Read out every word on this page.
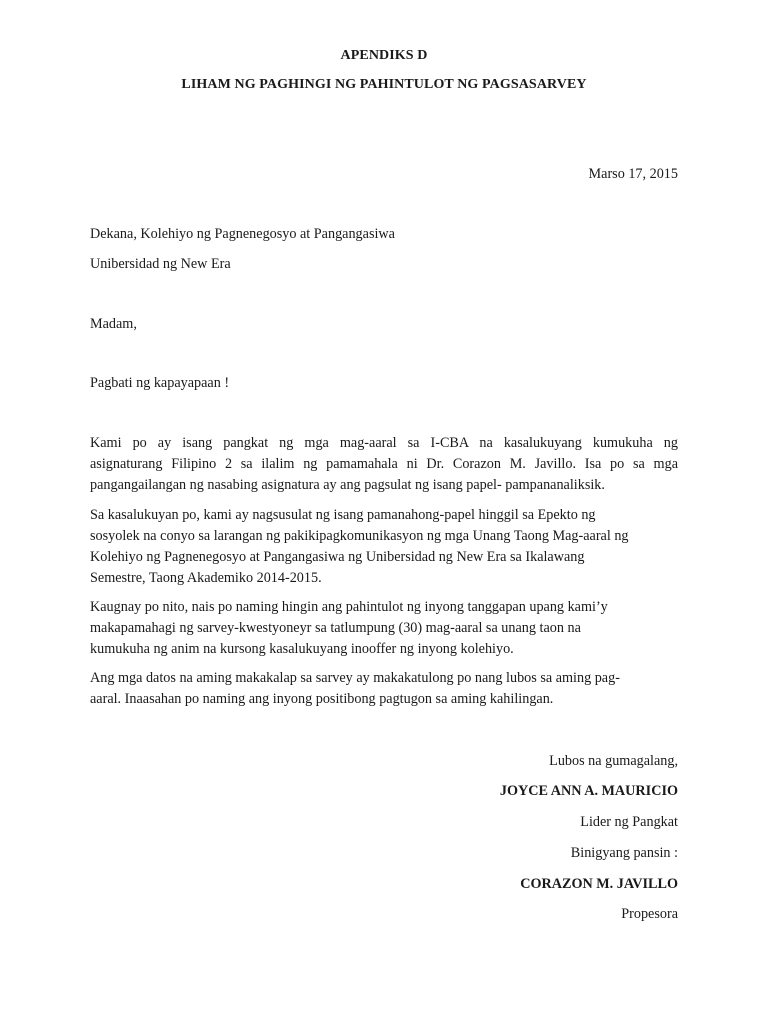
APENDIKS D
LIHAM NG PAGHINGI NG PAHINTULOT NG PAGSASARVEY
Marso 17, 2015
Dekana, Kolehiyo ng Pagnenegosyo at Pangangasiwa
Unibersidad ng New Era
Madam,
Pagbati ng kapayapaan !
Kami po ay isang pangkat ng mga mag-aaral sa I-CBA na kasalukuyang kumukuha ng
asignaturang Filipino 2 sa ilalim ng pamamahala ni Dr. Corazon M. Javillo. Isa po sa mga
pangangailangan ng nasabing asignatura ay ang pagsulat ng isang papel- pampananaliksik.
Sa kasalukuyan po, kami ay nagsusulat ng isang pamanahong-papel hinggil sa Epekto ng
sosyolek na conyo sa larangan ng pakikipagkomunikasyon ng mga Unang Taong Mag-aaral ng
Kolehiyo ng Pagnenegosyo at Pangangasiwa ng Unibersidad ng New Era sa Ikalawang
Semestre, Taong Akademiko 2014-2015.
Kaugnay po nito, nais po naming hingin ang pahintulot ng inyong tanggapan upang kami’y
makapamahagi ng sarvey-kwestyoneyr sa tatlumpung (30) mag-aaral sa unang taon na
kumukuha ng anim na kursong kasalukuyang inooffer ng inyong kolehiyo.
Ang mga datos na aming makakalap sa sarvey ay makakatulong po nang lubos sa aming pag-
aaral. Inaasahan po naming ang inyong positibong pagtugon sa aming kahilingan.
Lubos na gumagalang,
JOYCE ANN A. MAURICIO
Lider ng Pangkat
Binigyang pansin :
CORAZON M. JAVILLO
Propesora
